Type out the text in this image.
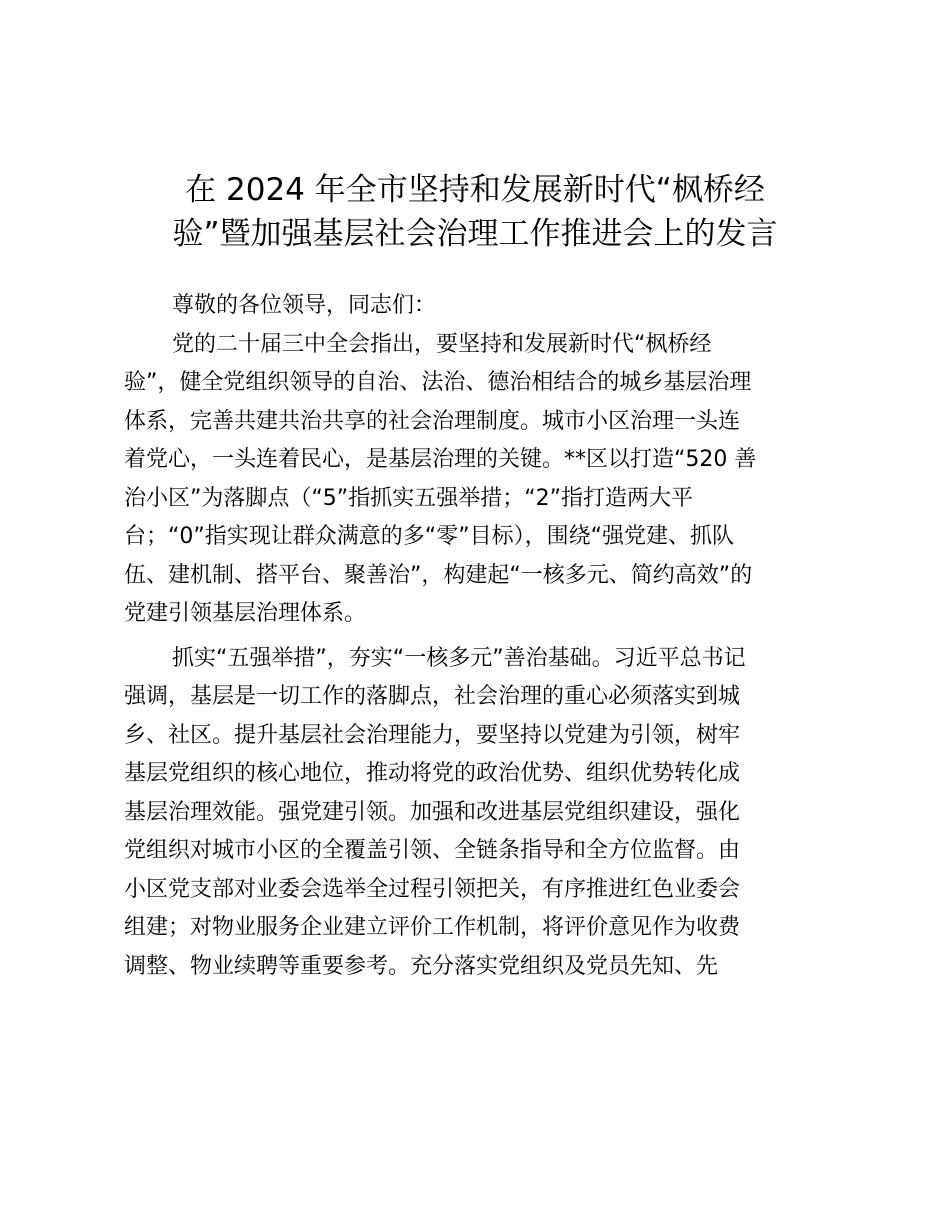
在 2024 年全市坚持和发展新时代“枫桥经
验”暨加强基层社会治理工作推进会上的发言

尊敬的各位领导，同志们：

党的二十届三中全会指出，要坚持和发展新时代“枫桥经
验”，健全党组织领导的自治、法治、德治相结合的城乡基层治理
体系，完善共建共治共享的社会治理制度。城市小区治理一头连
着党心，一头连着民心，是基层治理的关键。**区以打造“520 善
治小区”为落脚点（“5”指抓实五强举措；“2”指打造两大平
台；“0”指实现让群众满意的多“零”目标），围绕“强党建、抓队
伍、建机制、搭平台、聚善治”，构建起“一核多元、简约高效”的
党建引领基层治理体系。

抓实“五强举措”，夯实“一核多元”善治基础。习近平总书记
强调，基层是一切工作的落脚点，社会治理的重心必须落实到城
乡、社区。提升基层社会治理能力，要坚持以党建为引领，树牢
基层党组织的核心地位，推动将党的政治优势、组织优势转化成
基层治理效能。强党建引领。加强和改进基层党组织建设，强化
党组织对城市小区的全覆盖引领、全链条指导和全方位监督。由
小区党支部对业委会选举全过程引领把关，有序推进红色业委会
组建；对物业服务企业建立评价工作机制，将评价意见作为收费
调整、物业续聘等重要参考。充分落实党组织及党员先知、先
